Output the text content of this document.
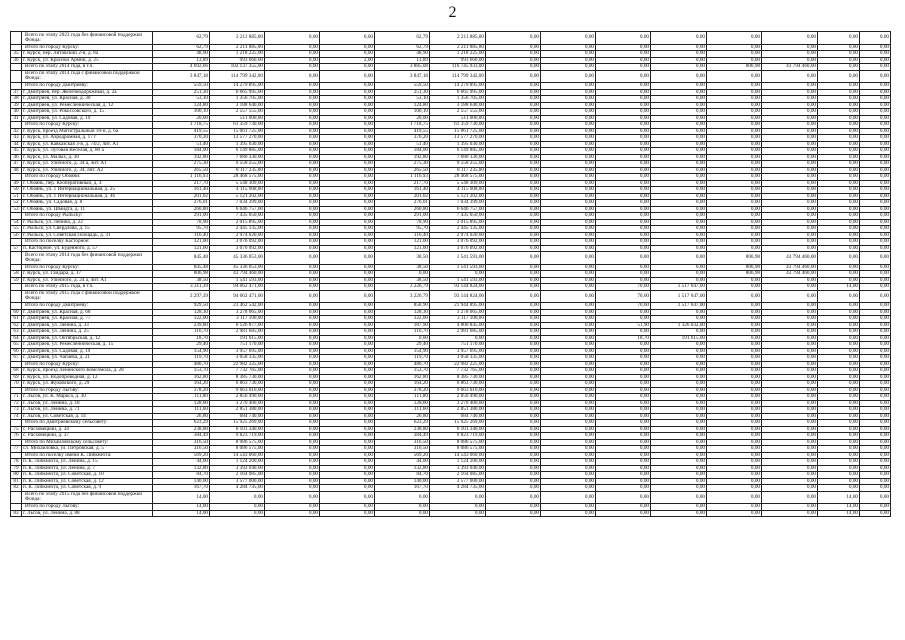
2
	Всего по этапу 2023 года без финансовой поддержки Фонда:	62,79	2 211 885,00	0,00	0,00	62,79	2 211 885,00	0,00	0,00	0,00	0,00	0,00	0,00	0,00	0,00
	Итого по городу Курску:	62,79	2 211 885,00	0,00	0,00	62,79	2 211 885,00	0,00	0,00	0,00	0,00	0,00	0,00	0,00	0,00
35	г. Курск, пер. Литовский 2-й, д. 8а	48,90	1 218 225,00	0,00	0,00	48,90	1 218 225,00	0,00	0,00	0,00	0,00	0,00	0,00	0,00	0,00
36	г. Курск, ул. Красной Армии, д. 25	13,89	993 660,00	0,00	2,00	13,89	993 660,00	0,00	0,00	0,00	0,00	0,00	0,00	0,00	0,00
	Всего по этапу 2014 года, в т.ч.	4 692,66	102 137 355,00	0,00	0,00	3 885,08	116 745 933,00	0,00	0,00	0,00	0,00	806,98	43 794 460,00	0,00	0,00
	Всего по этапу 2014 года с финансовой поддержкой Фонда:	3 847,18	114 799 342,00	0,00	0,00	3 847,18	114 799 342,00	0,00	0,00	0,00	0,00	0,00	0,00	0,00	0,00
	Итого по городу Дмитриеву:	559,50	14 279 895,00	0,00	0,00	559,50	14 279 895,00	0,00	0,00	0,00	0,00	0,00	0,00	0,00	0,00
37	г. Дмитриев, пер. Железнодорожный, д. 2а	251,30	6 665 995,00	0,00	0,00	251,30	6 665 995,00	0,00	0,00	0,00	0,00	0,00	0,00	0,00	0,00
38	г. Дмитриев, ул. Красная, д. 30	53,10	1 356 705,00	0,00	0,00	53,10	1 356 705,00	0,00	0,00	0,00	0,00	0,00	0,00	0,00	0,00
39	г. Дмитриев, ул. Ремесленническая, д. 12	124,80	3 188 640,00	0,00	0,00	124,80	3 188 640,00	0,00	0,00	0,00	0,00	0,00	0,00	0,00	0,00
40	г. Дмитриев, ул. Рокоссовского, д. 15	100,10	2 557 555,00	0,00	0,00	100,10	2 557 555,00	0,00	0,00	0,00	0,00	0,00	0,00	0,00	0,00
41	г. Дмитриев, ул. Садовая, д. 19	20,00	511 000,00	0,00	0,00	20,00	511 000,00	0,00	0,00	0,00	0,00	0,00	0,00	0,00	0,00
	Итого по городу Курску:	1 718,75	61 359 730,00	0,00	0,00	1 718,75	61 359 730,00	0,00	0,00	0,00	0,00	0,00	0,00	0,00	0,00
42	г. Курск, проезд Магистральный 18-й, д. 6а	419,55	15 061 725,00	0,00	0,00	419,55	15 061 725,00	0,00	0,00	0,00	0,00	0,00	0,00	0,00	0,00
43	г. Курск, ул. Аэродромная, д. 17 г	370,20	13 577 270,00	0,00	0,00	370,20	13 577 270,00	0,00	0,00	0,00	0,00	0,00	0,00	0,00	0,00
44	г. Курск, ул. Кавказская 3-я, д. 74/2, лит. А1	51,40	1 395 030,00	0,00	0,00	51,40	1 395 030,00	0,00	0,00	0,00	0,00	0,00	0,00	0,00	0,00
45	г. Курск, ул. Луговая Веселая, д. 80 а	184,00	6 149 885,00	0,00	0,00	184,00	6 149 885,00	0,00	0,00	0,00	0,00	0,00	0,00	0,00	0,00
46	г. Курск, ул. Малых, д. 30	192,80	7 680 330,00	0,00	0,00	192,80	7 680 330,00	0,00	0,00	0,00	0,00	0,00	0,00	0,00	0,00
47	г. Курск, ул. Уличного, д. 34 а, лит. А1	275,30	9 558 255,00	0,00	0,00	275,30	9 558 255,00	0,00	0,00	0,00	0,00	0,00	0,00	0,00	0,00
48	г. Курск, ул. Уличного, д. 34, лит. А2	265,50	8 117 235,00	0,00	0,00	265,50	8 117 235,00	0,00	0,00	0,00	0,00	0,00	0,00	0,00	0,00
	Итого по городу Обояни:	1 116,93	28 468 575,00	0,00	0,00	1 116,93	28 468 575,00	0,00	0,00	0,00	0,00	0,00	0,00	0,00	0,00
49	г. Обоянь, пер. Кооперативный, д. 4	217,70	5 548 309,00	0,00	0,00	217,70	5 548 309,00	0,00	0,00	0,00	0,00	0,00	0,00	0,00	0,00
50	г. Обоянь, ул. 1 Интернациональная, д. 25	161,40	4 115 908,00	0,00	0,00	161,40	4 115 908,00	0,00	0,00	0,00	0,00	0,00	0,00	0,00	0,00
51	г. Обоянь, ул. 1 Интернациональная, д. 46	201,02	5 121 202,00	0,00	0,00	201,02	5 121 202,00	0,00	0,00	0,00	0,00	0,00	0,00	0,00	0,00
52	г. Обоянь, ул. Садовая, д. 8	276,01	7 034 399,00	0,00	0,00	276,01	7 034 399,00	0,00	0,00	0,00	0,00	0,00	0,00	0,00	0,00
53	г. Обоянь, ул. Шмидта, д. 11	260,80	6 646 757,00	0,00	0,00	260,80	6 646 757,00	0,00	0,00	0,00	0,00	0,00	0,00	0,00	0,00
	Итого по городу Рыльску:	291,00	7 435 050,00	0,00	0,00	291,00	7 435 050,00	0,00	0,00	0,00	0,00	0,00	0,00	0,00	0,00
54	г. Рыльск, ул. Ленина, д. 22	78,90	2 015 895,00	0,00	0,00	78,90	2 015 895,00	0,00	0,00	0,00	0,00	0,00	0,00	0,00	0,00
55	г. Рыльск, ул. Свердлова, д. 15	95,70	2 445 135,00	0,00	0,00	95,70	2 445 135,00	0,00	0,00	0,00	0,00	0,00	0,00	0,00	0,00
56	г. Рыльск, ул. Советская Площадь, д. 31	116,40	2 974 020,00	0,00	0,00	116,40	2 974 020,00	0,00	0,00	0,00	0,00	0,00	0,00	0,00	0,00
	Итого по поселку Касторное:	121,00	3 076 092,00	0,00	0,00	121,00	3 076 092,00	0,00	0,00	0,00	0,00	0,00	0,00	0,00	0,00
57	п. Касторное, ул. Буденного, д. 57	121,00	3 076 092,00	0,00	0,00	121,00	3 076 092,00	0,00	0,00	0,00	0,00	0,00	0,00	0,00	0,00
	Всего по этапу 2014 года без финансовой поддержки Фонда:	845,48	45 336 053,00	0,00	0,00	38,50	1 541 593,00	0,00	0,00	0,00	0,00	806,98	43 794 460,00	0,00	0,00
	Итого по городу Курску:	845,48	45 336 053,00	0,00	0,00	38,50	1 541 593,00	0,00	0,00	0,00	0,00	806,98	43 794 460,00	0,00	0,00
58	г. Курск, ул. Гайдара, д. 17	806,98	43 794 460,00	0,00	0,00	0,00	0,00	0,00	0,00	0,00	0,00	806,98	43 794 460,00	0,00	0,00
59	г. Курск, ул. Уличного, д. 24 а, лит. А1	38,50	1 541 593,00	0,00	0,00	38,50	1 541 593,00	0,00	0,00	0,00	0,00	0,00	0,00	0,00	0,00
	Всего по этапу 2015 года, в т.ч.	3 311,39	94 662 471,00	0,00	0,00	3 226,79	93 144 824,00	0,00	0,00	70,60	1 517 647,00	0,00	0,00	14,00	0,00
	Всего по этапу 2015 года с финансовой поддержкой Фонда:	3 297,39	94 662 471,00	0,00	0,00	3 226,79	93 144 824,00	0,00	0,00	70,60	1 517 647,00	0,00	0,00	0,00	0,00
	Итого по городу Дмитриеву:	929,50	23 462 542,00	0,00	0,00	858,90	21 944 895,00	0,00	0,00	70,60	1 517 647,00	0,00	0,00	0,00	0,00
60	г. Дмитриев, ул. Красная, д. 68	128,30	3 278 065,00	0,00	0,00	128,30	3 278 065,00	0,00	0,00	0,00	0,00	0,00	0,00	0,00	0,00
61	г. Дмитриев, ул. Красная, д. 77	122,00	3 117 100,00	0,00	0,00	122,00	3 117 100,00	0,00	0,00	0,00	0,00	0,00	0,00	0,00	0,00
62	г. Дмитриев, ул. Ленина, д. 33	239,80	6 126 877,00	0,00	0,00	187,90	4 800 845,00	0,00	0,00	51,90	1 326 032,00	0,00	0,00	0,00	0,00
63	г. Дмитриев, ул. Ленина, д. 25	116,70	2 981 685,00	0,00	0,00	116,70	2 981 685,00	0,00	0,00	0,00	0,00	0,00	0,00	0,00	0,00
64	г. Дмитриев, ул. Октябрьская, д. 12	18,70	191 615,00	0,00	0,00	0,00	0,00	0,00	0,00	18,70	191 615,00	0,00	0,00	0,00	0,00
65	г. Дмитриев, ул. Ремесленническая, д. 15	29,40	751 170,00	0,00	0,00	29,40	751 170,00	0,00	0,00	0,00	0,00	0,00	0,00	0,00	0,00
66	г. Дмитриев, ул. Садовая, д. 19	154,90	3 957 695,00	0,00	0,00	154,90	3 957 695,00	0,00	0,00	0,00	0,00	0,00	0,00	0,00	0,00
67	г. Дмитриев, ул. Чапаева, д. 21	119,70	3 058 335,00	0,00	0,00	119,70	3 058 335,00	0,00	0,00	0,00	0,00	0,00	0,00	0,00	0,00
	Итого по городу Курску:	480,70	22 982 225,00	0,00	0,00	480,70	22 982 225,00	0,00	0,00	0,00	0,00	0,00	0,00	0,00	0,00
68	г. Курск, проезд Ленинского Комсомола, д. 28	153,70	7 732 765,00	0,00	0,00	153,70	7 732 765,00	0,00	0,00	0,00	0,00	0,00	0,00	0,00	0,00
69	г. Курск, ул. Водопроводная, д. 12	162,80	8 385 730,00	0,00	0,00	162,80	8 385 730,00	0,00	0,00	0,00	0,00	0,00	0,00	0,00	0,00
70	г. Курск, ул. Жуковского, д. 29	164,20	6 863 730,00	0,00	0,00	164,20	6 863 730,00	0,00	0,00	0,00	0,00	0,00	0,00	0,00	0,00
	Итого по городу Льгову:	378,20	9 663 010,00	0,00	0,00	378,20	9 663 010,00	0,00	0,00	0,00	0,00	0,00	0,00	0,00	0,00
71	г. Льгов, ул. К. Маркса, д. 30	111,80	2 856 490,00	0,00	0,00	111,80	2 856 490,00	0,00	0,00	0,00	0,00	0,00	0,00	0,00	0,00
72	г. Льгов, ул. Ленина, д. 18	128,00	3 270 400,00	0,00	0,00	128,00	3 270 400,00	0,00	0,00	0,00	0,00	0,00	0,00	0,00	0,00
73	г. Льгов, ул. Ленина, д. 71	111,60	2 851 380,00	0,00	0,00	111,60	2 851 380,00	0,00	0,00	0,00	0,00	0,00	0,00	0,00	0,00
74	г. Льгов, ул. Советская, д. 14	26,80	684 740,00	0,00	0,00	26,80	684 740,00	0,00	0,00	0,00	0,00	0,00	0,00	0,00	0,00
	Итого по Дмитриевскому сельсовету:	623,29	15 925 269,00	0,00	0,00	623,29	15 925 269,00	0,00	0,00	0,00	0,00	0,00	0,00	0,00	0,00
75	с. Расховецкий, д. 34	238,80	6 101 340,00	0,00	0,00	238,80	6 101 340,00	0,00	0,00	0,00	0,00	0,00	0,00	0,00	0,00
76	с. Расховецкий, д. 37	384,49	9 823 719,00	0,00	0,00	384,49	9 823 719,00	0,00	0,00	0,00	0,00	0,00	0,00	0,00	0,00
	Итого по Михайловскому сельсовету:	316,50	8 086 575,00	0,00	0,00	316,50	8 086 575,00	0,00	0,00	0,00	0,00	0,00	0,00	0,00	0,00
77	сл. Михайловка, ул. Петровская, д. 5	316,50	8 086 575,00	0,00	0,00	316,50	8 086 575,00	0,00	0,00	0,00	0,00	0,00	0,00	0,00	0,00
	Итого по поселку имени К. Либкнехта:	569,20	14 543 060,00	0,00	0,00	569,20	14 543 060,00	0,00	0,00	0,00	0,00	0,00	0,00	0,00	0,00
78	п. К. Либкнехта, ул. Ленина, д. 15	44,00	1 124 200,00	0,00	0,00	44,00	1 124 200,00	0,00	0,00	0,00	0,00	0,00	0,00	0,00	0,00
79	п. К. Либкнехта, ул. Ленина, д. 7	132,80	3 393 040,00	0,00	0,00	132,80	3 393 040,00	0,00	0,00	0,00	0,00	0,00	0,00	0,00	0,00
80	п. К. Либкнехта, ул. Советская, д. 10	84,70	2 164 085,00	0,00	0,00	84,70	2 164 085,00	0,00	0,00	0,00	0,00	0,00	0,00	0,00	0,00
81	п. К. Либкнехта, ул. Советская, д. 12	140,00	3 577 000,00	0,00	0,00	140,00	3 577 000,00	0,00	0,00	0,00	0,00	0,00	0,00	0,00	0,00
82	п. К. Либкнехта, ул. Советская, д. 9	167,70	4 284 735,00	0,00	0,00	167,70	4 284 735,00	0,00	0,00	0,00	0,00	0,00	0,00	0,00	0,00
	Всего по этапу 2015 года без финансовой поддержки Фонда:	14,00	0,00	0,00	0,00	0,00	0,00	0,00	0,00	0,00	0,00	0,00	0,00	14,00	0,00
	Итого по городу Льгову:	14,00	0,00	0,00	0,00	0,00	0,00	0,00	0,00	0,00	0,00	0,00	0,00	14,00	0,00
83	г. Льгов, ул. Ленина, д. 88	14,00	0,00	0,00	0,00	0,00	0,00	0,00	0,00	0,00	0,00	0,00	0,00	14,00	0,00
